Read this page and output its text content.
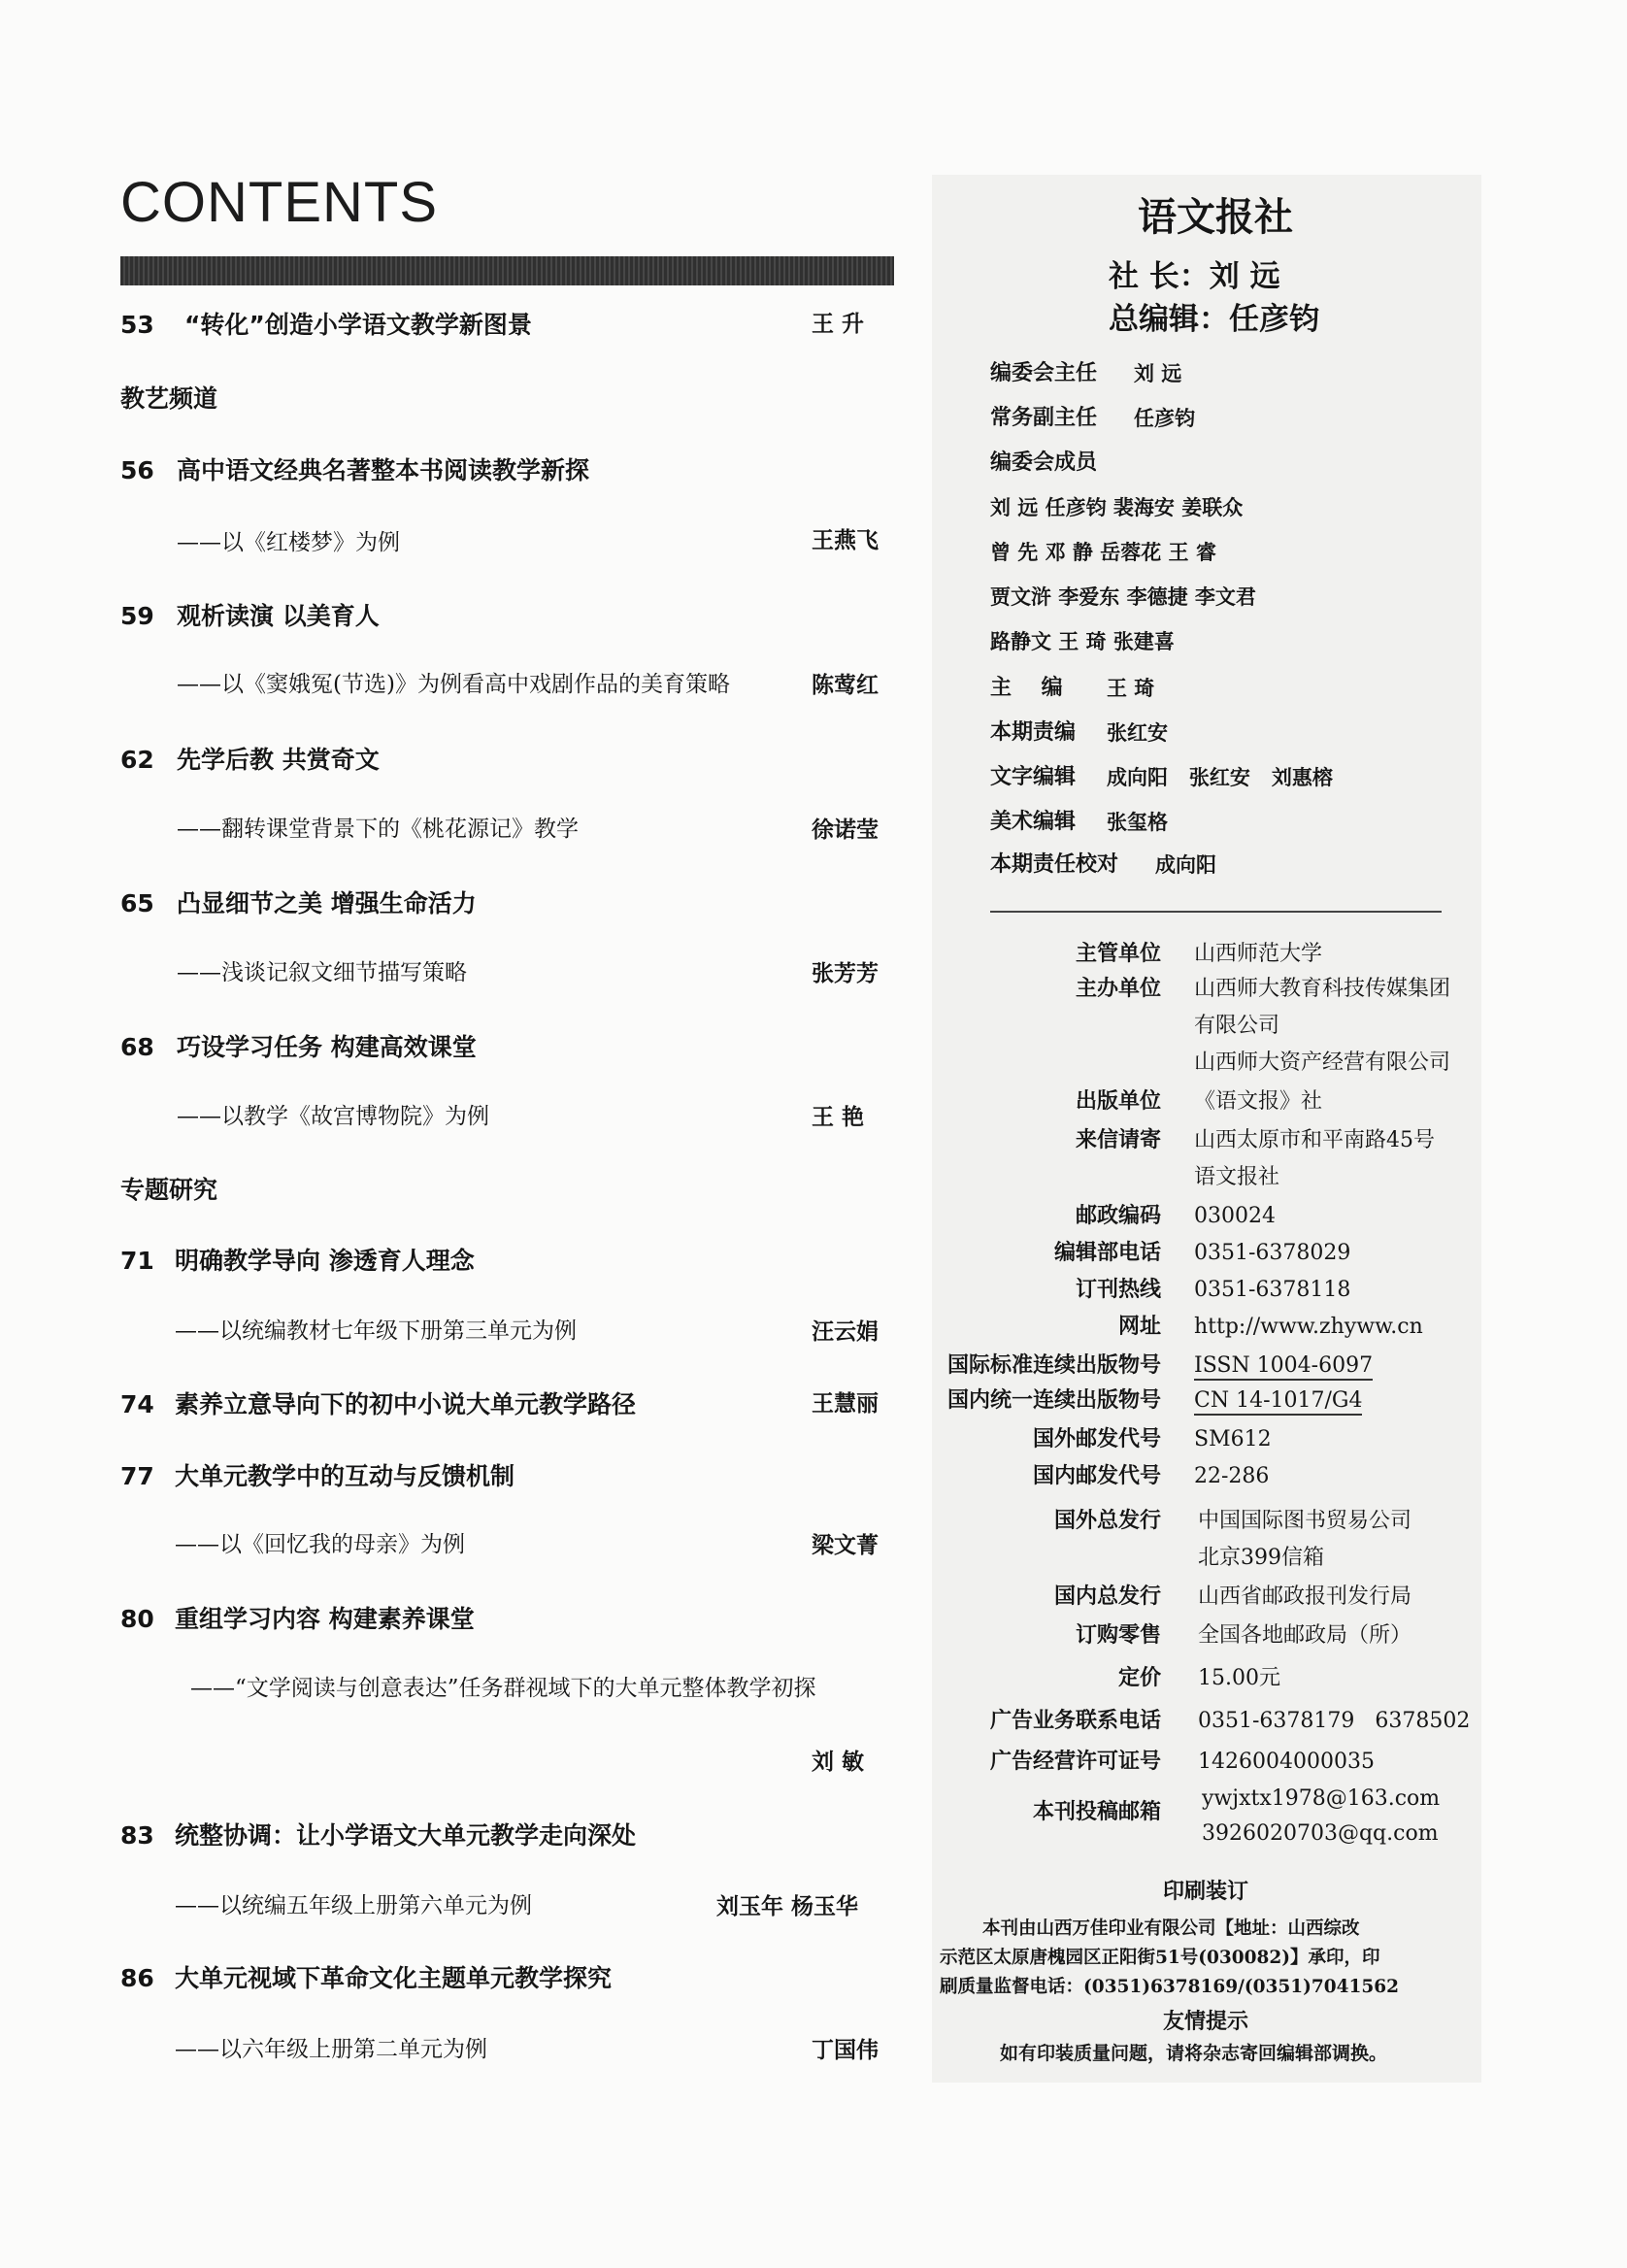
CONTENTS
53 “转化”创造小学语文教学新图景	王 升
教艺频道
56 高中语文经典名著整本书阅读教学新探
——以《红楼梦》为例	王燕飞
59 观析读演 以美育人
——以《窦娥冤(节选)》为例看高中戏剧作品的美育策略	陈莺红
62 先学后教 共赏奇文
——翻转课堂背景下的《桃花源记》教学	徐诺莹
65 凸显细节之美 增强生命活力
——浅谈记叙文细节描写策略	张芳芳
68 巧设学习任务 构建高效课堂
——以教学《故宫博物院》为例	王 艳
专题研究
71 明确教学导向 渗透育人理念
——以统编教材七年级下册第三单元为例	汪云娟
74 素养立意导向下的初中小说大单元教学路径	王慧丽
77 大单元教学中的互动与反馈机制
——以《回忆我的母亲》为例	梁文菁
80 重组学习内容 构建素养课堂
——“文学阅读与创意表达”任务群视域下的大单元整体教学初探
刘 敏
83 统整协调：让小学语文大单元教学走向深处
——以统编五年级上册第六单元为例	刘玉年 杨玉华
86 大单元视域下革命文化主题单元教学探究
——以六年级上册第二单元为例	丁国伟
语文报社
社 长：刘 远
总编辑：任彦钧
编委会主任 刘 远
常务副主任 任彦钧
编委会成员
刘 远 任彦钧 裴海安 姜联众
曾 先 邓 静 岳蓉花 王 睿
贾文浒 李爱东 李德捷 李文君
路静文 王 琦 张建喜
主    编 王 琦
本期责编 张红安
文字编辑 成向阳   张红安   刘惠榕
美术编辑 张玺格
本期责任校对 成向阳
主管单位 山西师范大学
主办单位 山西师大教育科技传媒集团
有限公司
山西师大资产经营有限公司
出版单位 《语文报》社
来信请寄 山西太原市和平南路45号
语文报社
邮政编码 030024
编辑部电话 0351-6378029
订刊热线 0351-6378118
网址 http://www.zhyww.cn
国际标准连续出版物号 ISSN 1004-6097
国内统一连续出版物号 CN 14-1017/G4
国外邮发代号 SM612
国内邮发代号 22-286
国外总发行 中国国际图书贸易公司
北京399信箱
国内总发行 山西省邮政报刊发行局
订购零售 全国各地邮政局（所）
定价 15.00元
广告业务联系电话 0351-6378179   6378502
广告经营许可证号 1426004000035
本刊投稿邮箱
ywjxtx1978@163.com
3926020703@qq.com
印刷装订
本刊由山西万佳印业有限公司【地址：山西综改
示范区太原唐槐园区正阳街51号(030082)】承印，印
刷质量监督电话：(0351)6378169/(0351)7041562
友情提示
如有印装质量问题，请将杂志寄回编辑部调换。
